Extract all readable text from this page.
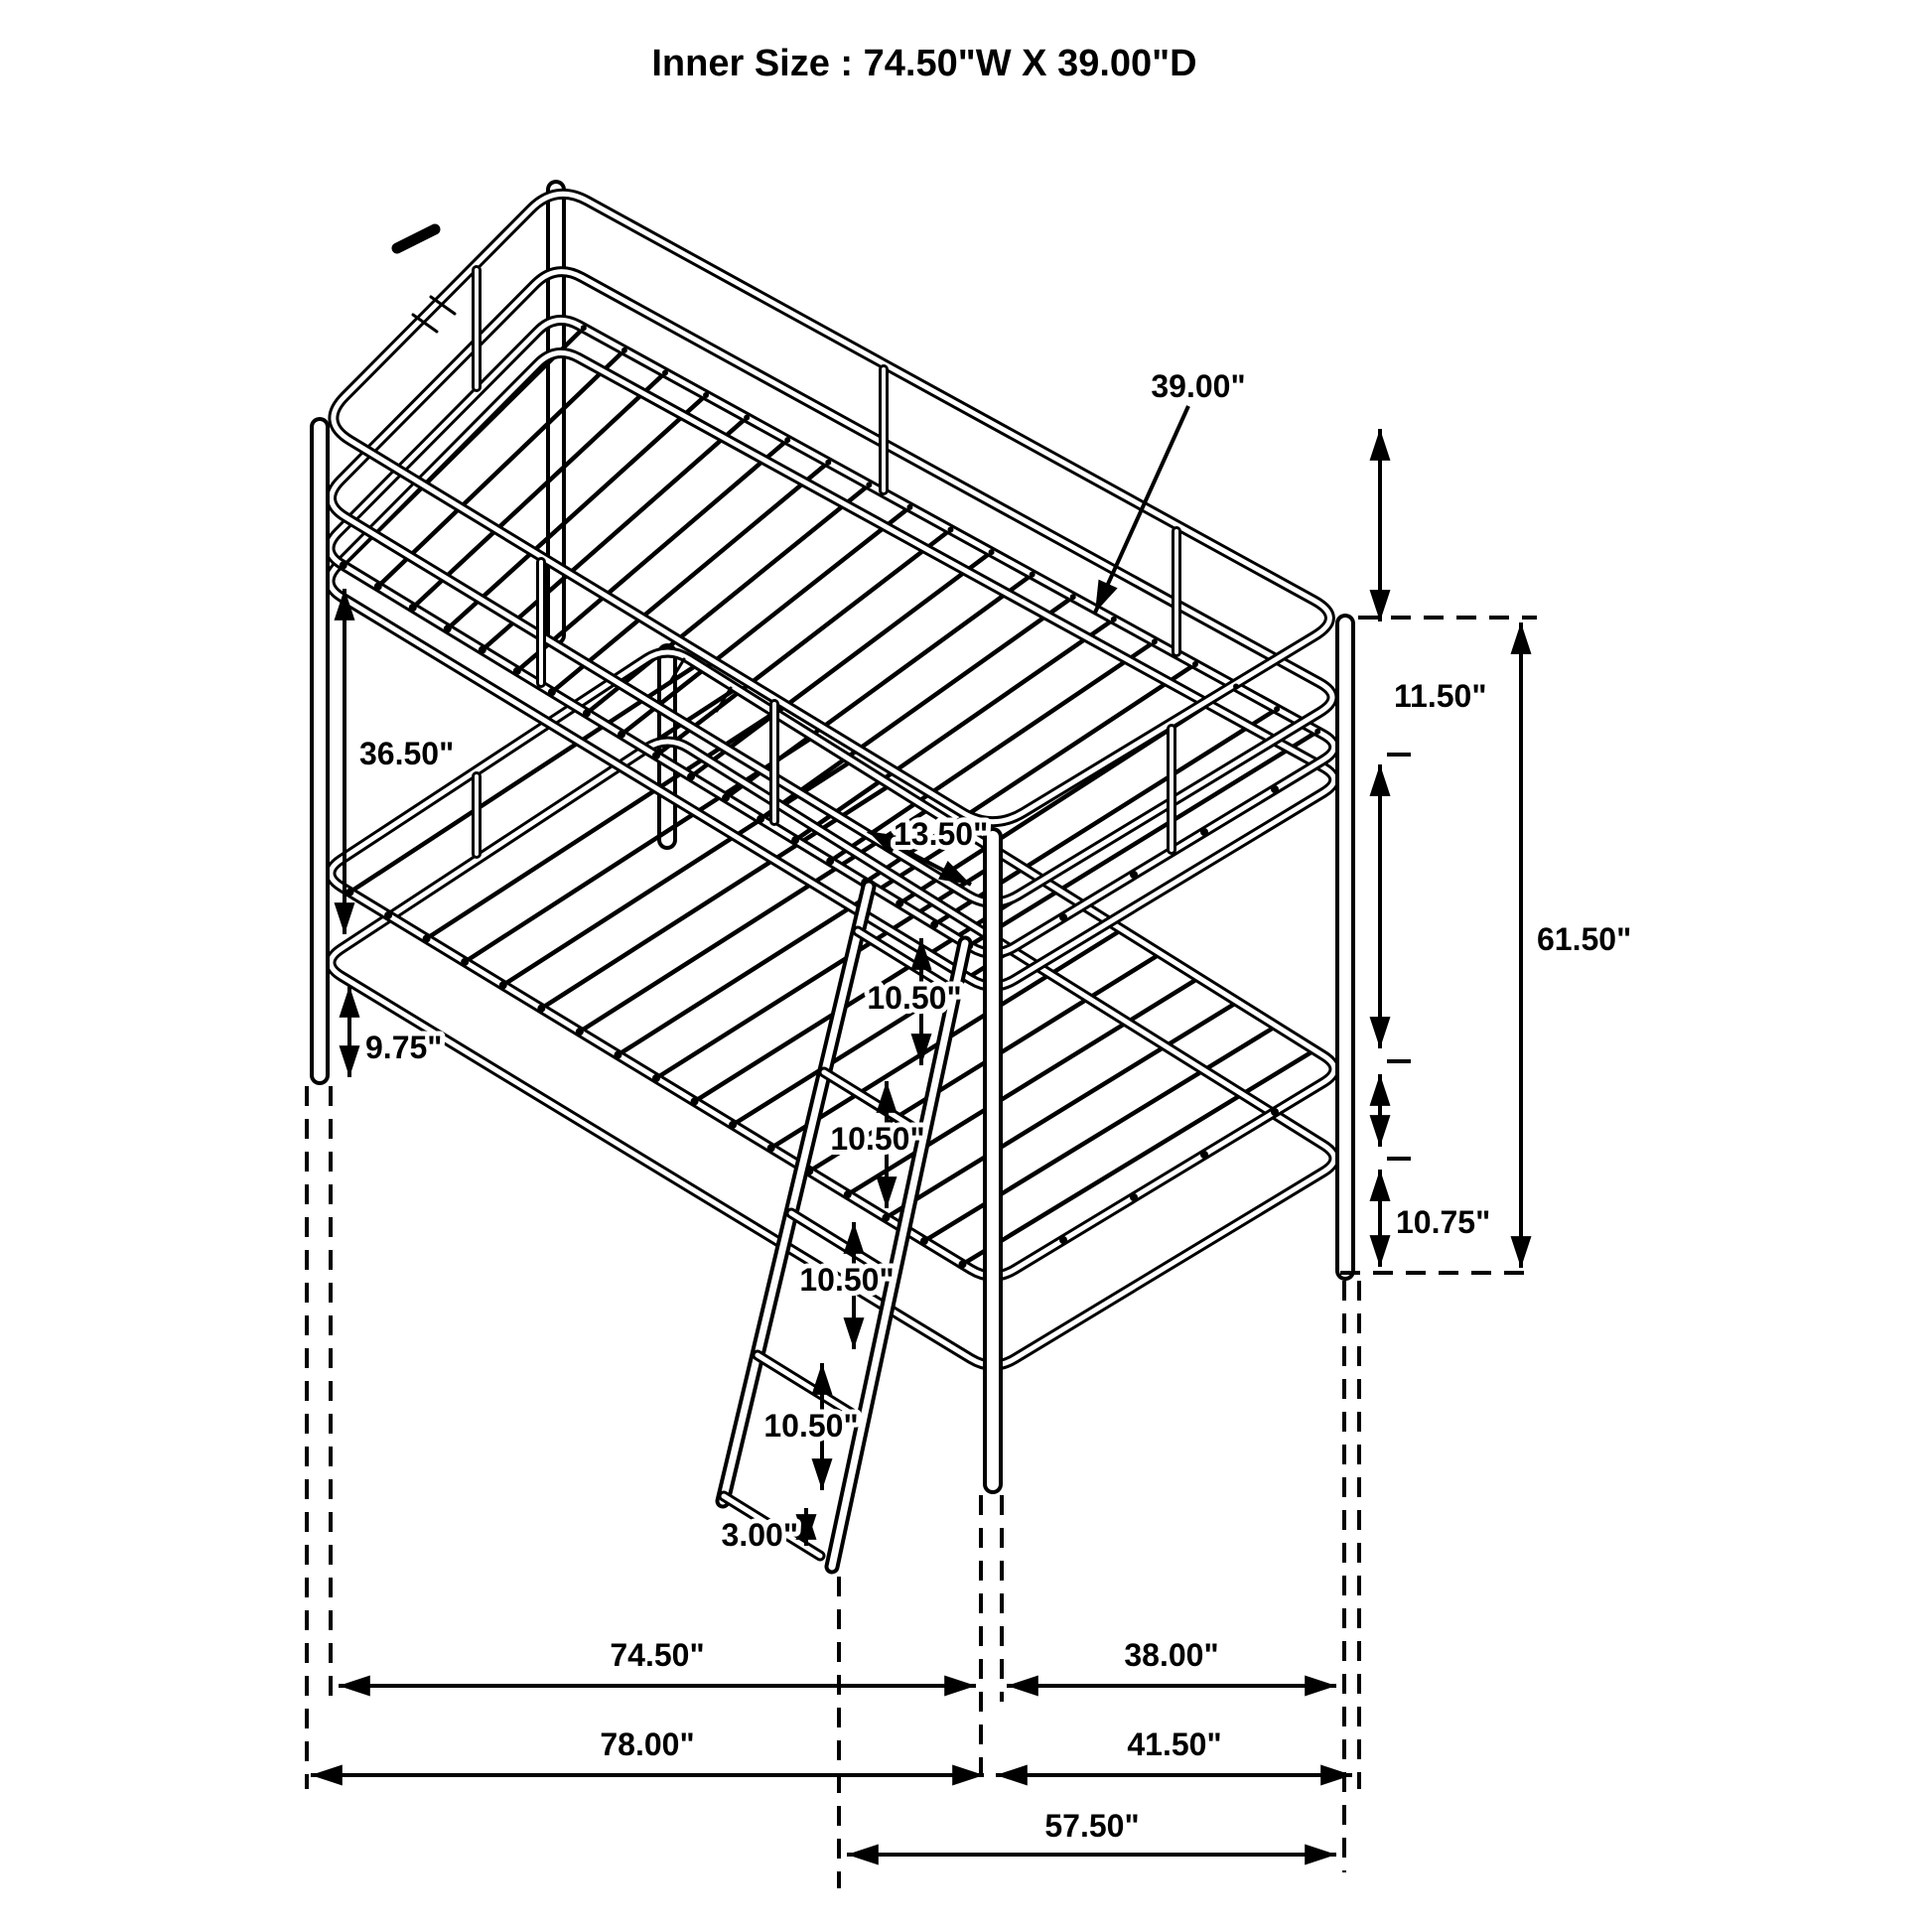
Inner Size : 74.50"W X 39.00"D
39.00"
11.50"
61.50"
10.75"
36.50"
9.75"
13.50"
10.50"
10.50"
10.50"
10.50"
3.00"
74.50"	38.00"
78.00"	41.50"
57.50"
